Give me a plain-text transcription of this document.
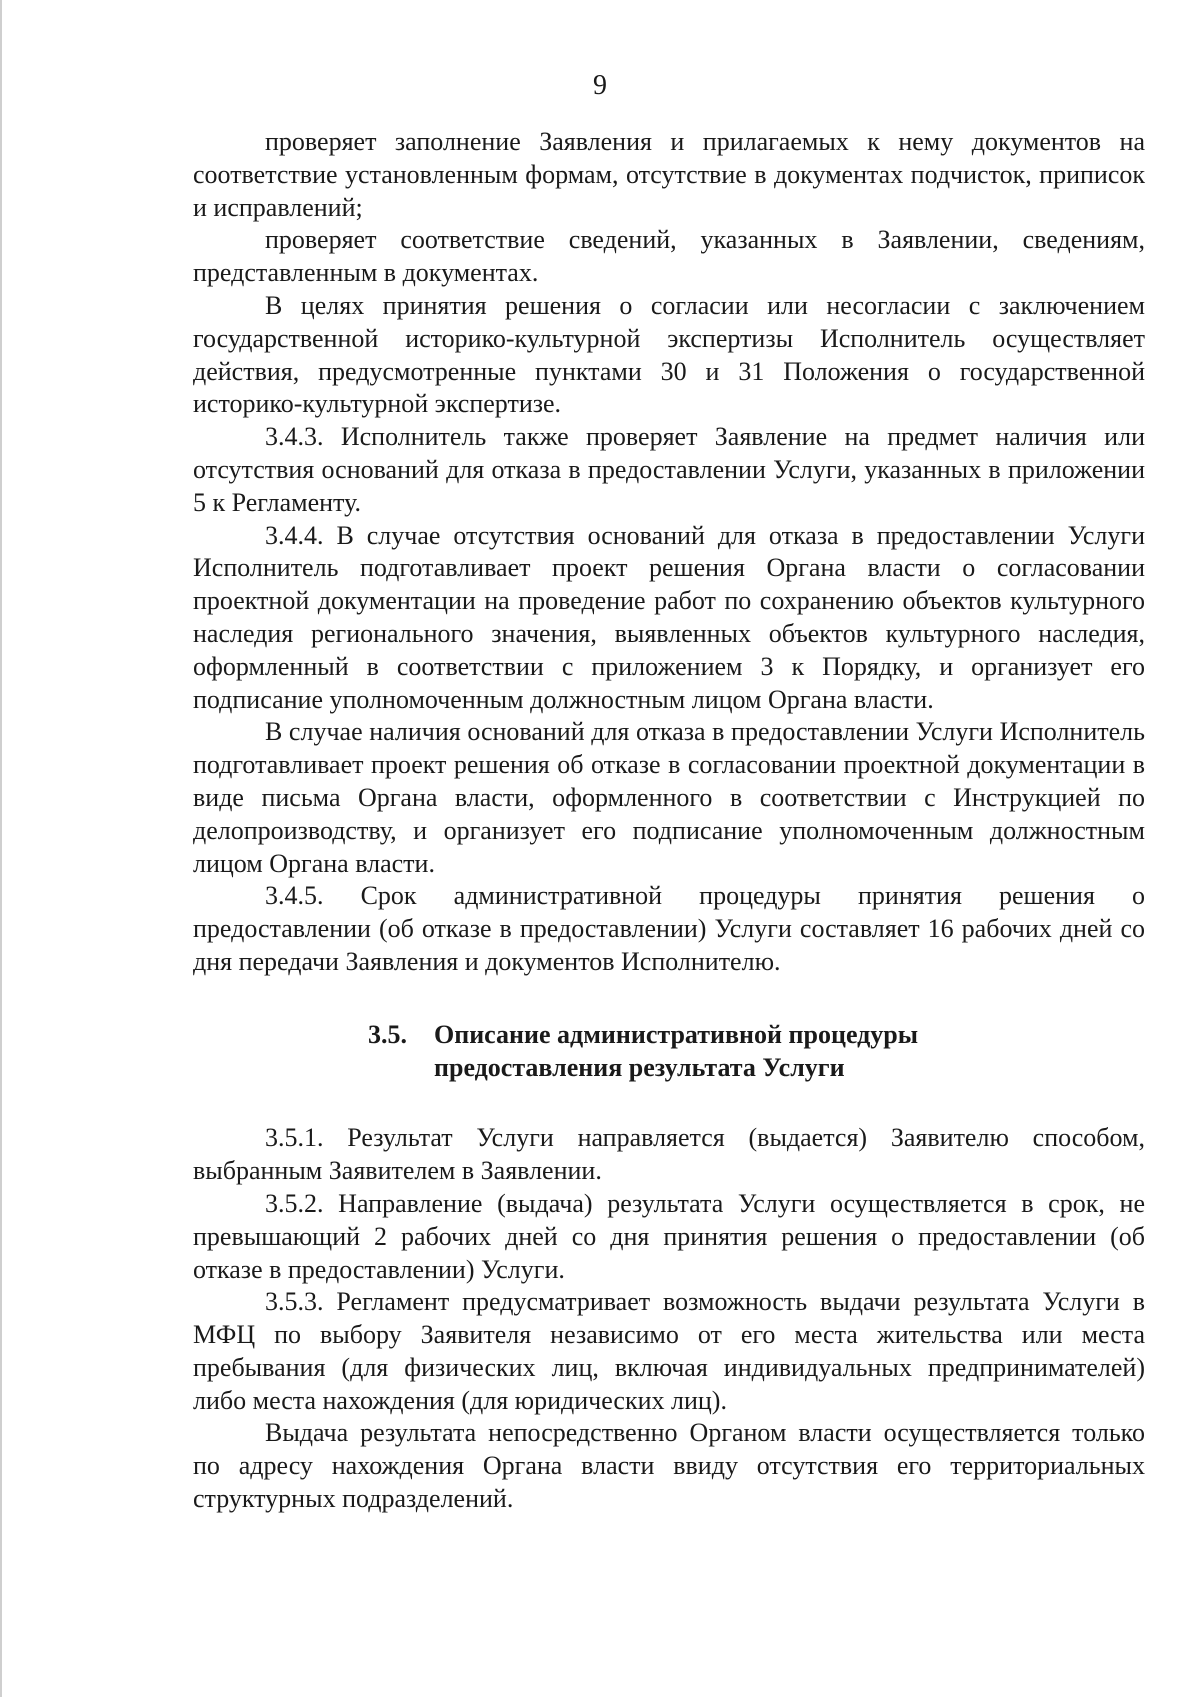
9

проверяет заполнение Заявления и прилагаемых к нему документов на соответствие установленным формам, отсутствие в документах подчисток, приписок и исправлений;

проверяет соответствие сведений, указанных в Заявлении, сведениям, представленным в документах.

В целях принятия решения о согласии или несогласии с заключением государственной историко-культурной экспертизы Исполнитель осуществляет действия, предусмотренные пунктами 30 и 31 Положения о государственной историко-культурной экспертизе.

3.4.3. Исполнитель также проверяет Заявление на предмет наличия или отсутствия оснований для отказа в предоставлении Услуги, указанных в приложении 5 к Регламенту.

3.4.4. В случае отсутствия оснований для отказа в предоставлении Услуги Исполнитель подготавливает проект решения Органа власти о согласовании проектной документации на проведение работ по сохранению объектов культурного наследия регионального значения, выявленных объектов культурного наследия, оформленный в соответствии с приложением 3 к Порядку, и организует его подписание уполномоченным должностным лицом Органа власти.

В случае наличия оснований для отказа в предоставлении Услуги Исполнитель подготавливает проект решения об отказе в согласовании проектной документации в виде письма Органа власти, оформленного в соответствии с Инструкцией по делопроизводству, и организует его подписание уполномоченным должностным лицом Органа власти.

3.4.5. Срок административной процедуры принятия решения о предоставлении (об отказе в предоставлении) Услуги составляет 16 рабочих дней со дня передачи Заявления и документов Исполнителю.

3.5. Описание административной процедуры
предоставления результата Услуги

3.5.1. Результат Услуги направляется (выдается) Заявителю способом, выбранным Заявителем в Заявлении.

3.5.2. Направление (выдача) результата Услуги осуществляется в срок, не превышающий 2 рабочих дней со дня принятия решения о предоставлении (об отказе в предоставлении) Услуги.

3.5.3. Регламент предусматривает возможность выдачи результата Услуги в МФЦ по выбору Заявителя независимо от его места жительства или места пребывания (для физических лиц, включая индивидуальных предпринимателей) либо места нахождения (для юридических лиц).

Выдача результата непосредственно Органом власти осуществляется только по адресу нахождения Органа власти ввиду отсутствия его территориальных структурных подразделений.
